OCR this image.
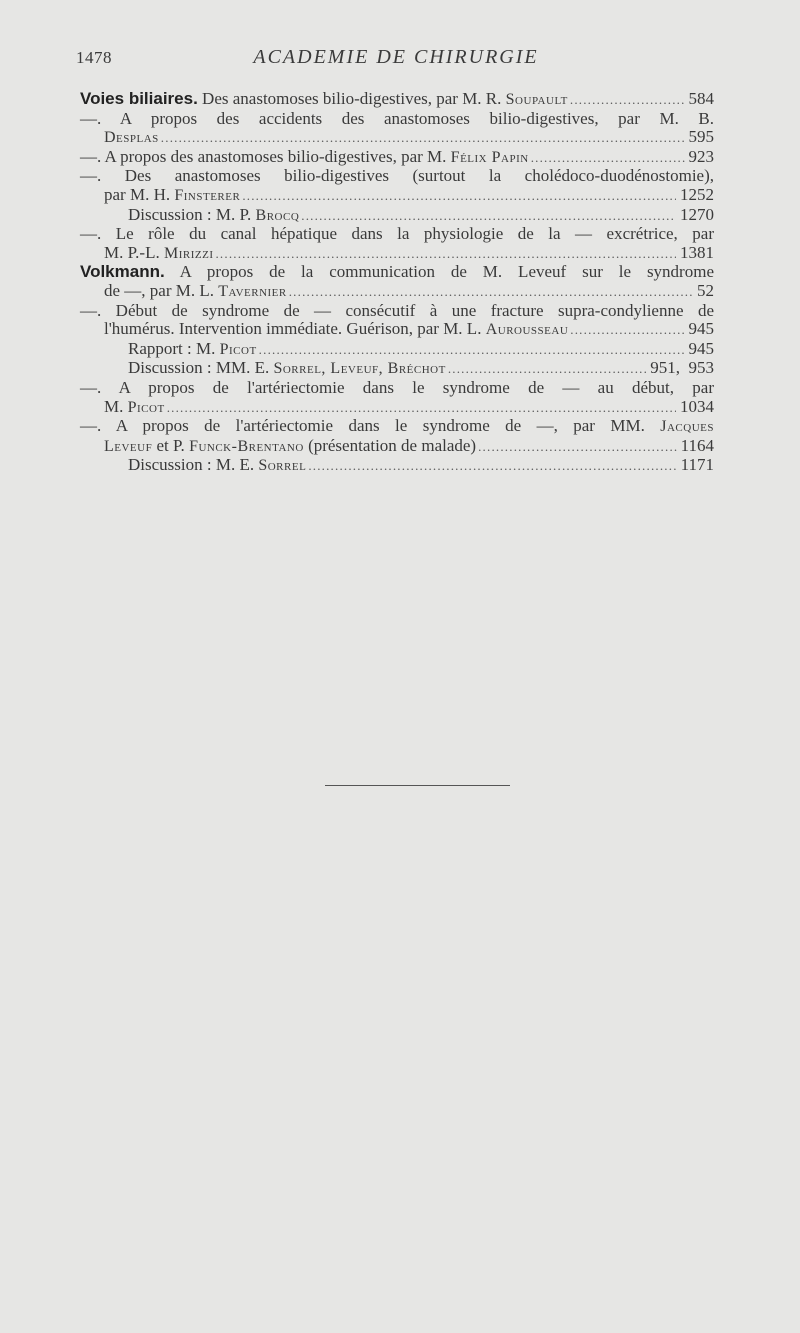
1478	ACADEMIE DE CHIRURGIE
Voies biliaires. Des anastomoses bilio-digestives, par M. R. Soupault .....	584
—. A propos des accidents des anastomoses bilio-digestives, par M. B.
Desplas .....	595
—. A propos des anastomoses bilio-digestives, par M. Félix Papin .....	923
—. Des anastomoses bilio-digestives (surtout la cholédoco-duodénostomie),
par M. H. Finsterer .....	1252
Discussion : M. P. Brocq .....	1270
—. Le rôle du canal hépatique dans la physiologie de la — excrétrice, par
M. P.-L. Mirizzi .....	1381
Volkmann. A propos de la communication de M. Leveuf sur le syndrome
de —, par M. L. Tavernier .....	52
—. Début de syndrome de — consécutif à une fracture supra-condylienne de
l'humérus. Intervention immédiate. Guérison, par M. L. Aurousseau .....	945
Rapport : M. Picot .....	945
Discussion : MM. E. Sorrel, Leveuf, Bréchot .....	951,  953
—. A propos de l'artériectomie dans le syndrome de — au début, par
M. Picot .....	1034
—. A propos de l'artériectomie dans le syndrome de —, par MM. Jacques
Leveuf et P. Funck-Brentano (présentation de malade) .....	1164
Discussion : M. E. Sorrel .....	1171
